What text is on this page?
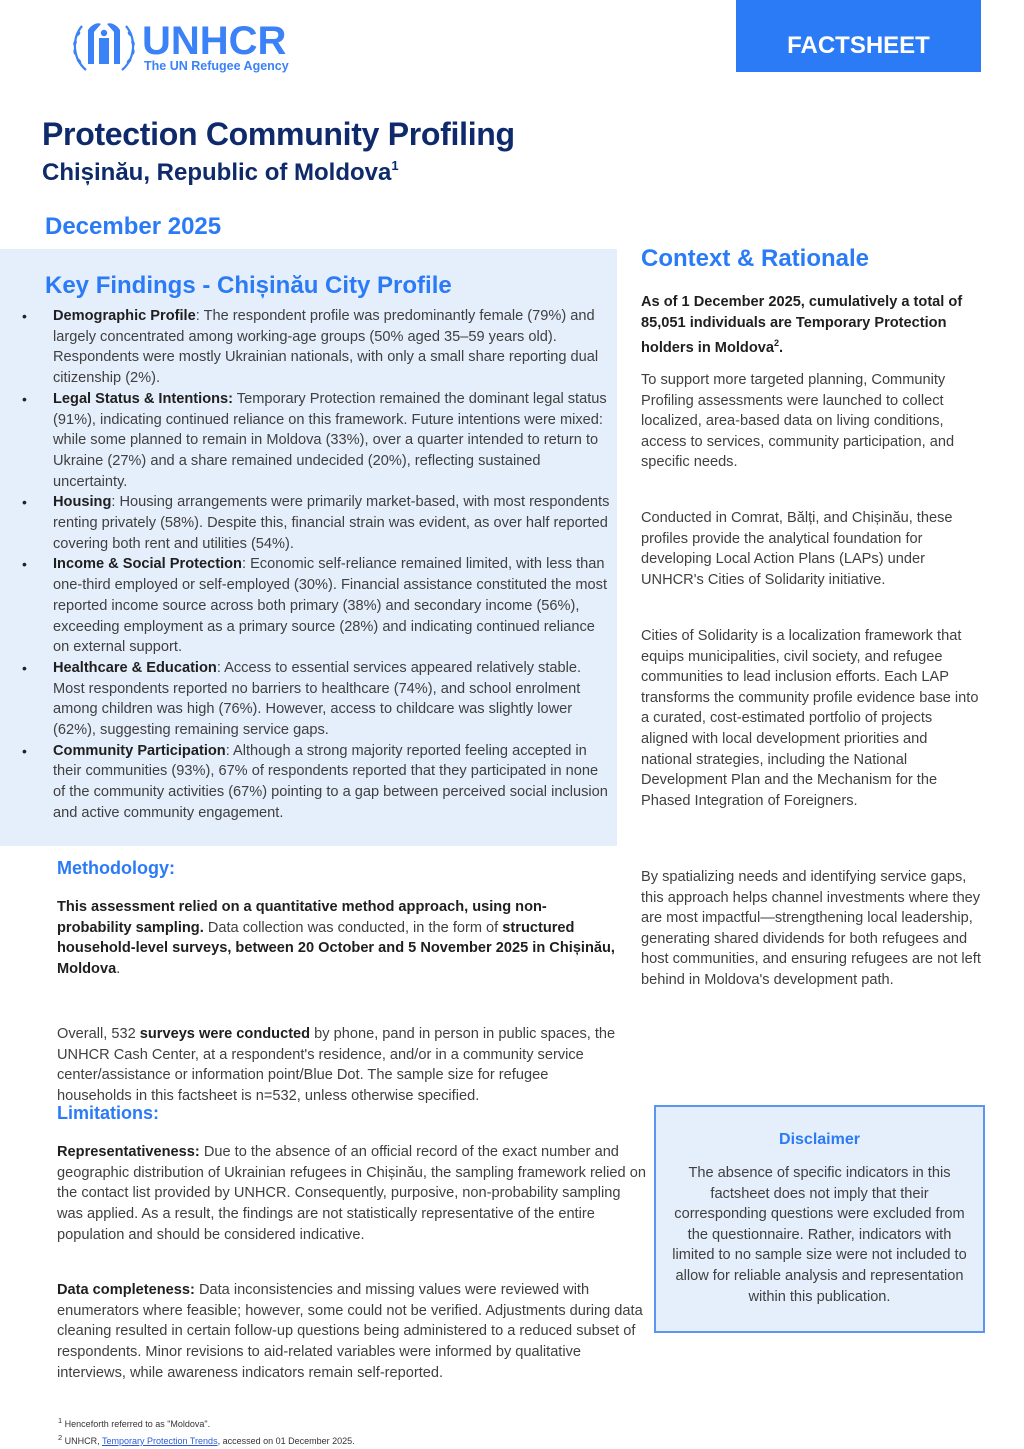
UNHCR
The UN Refugee Agency
FACTSHEET
Protection Community Profiling
Chișinău, Republic of Moldova$^1$
December 2025
Key Findings - Chișinău City Profile
• Demographic Profile: The respondent profile was predominantly female (79%) and largely concentrated among working-age groups (50% aged 35–59 years old). Respondents were mostly Ukrainian nationals, with only a small share reporting dual citizenship (2%).
• Legal Status & Intentions: Temporary Protection remained the dominant legal status (91%), indicating continued reliance on this framework. Future intentions were mixed: while some planned to remain in Moldova (33%), over a quarter intended to return to Ukraine (27%) and a share remained undecided (20%), reflecting sustained uncertainty.
• Housing: Housing arrangements were primarily market-based, with most respondents renting privately (58%). Despite this, financial strain was evident, as over half reported covering both rent and utilities (54%).
• Income & Social Protection: Economic self-reliance remained limited, with less than one-third employed or self-employed (30%). Financial assistance constituted the most reported income source across both primary (38%) and secondary income (56%), exceeding employment as a primary source (28%) and indicating continued reliance on external support.
• Healthcare & Education: Access to essential services appeared relatively stable. Most respondents reported no barriers to healthcare (74%), and school enrolment among children was high (76%). However, access to childcare was slightly lower (62%), suggesting remaining service gaps.
• Community Participation: Although a strong majority reported feeling accepted in their communities (93%), 67% of respondents reported that they participated in none of the community activities (67%) pointing to a gap between perceived social inclusion and active community engagement.
Methodology:

This assessment relied on a quantitative method approach, using non-probability sampling. Data collection was conducted, in the form of structured household-level surveys, between 20 October and 5 November 2025 in Chișinău, Moldova.

Overall, 532 surveys were conducted by phone, pand in person in public spaces, the UNHCR Cash Center, at a respondent's residence, and/or in a community service center/assistance or information point/Blue Dot. The sample size for refugee households in this factsheet is n=532, unless otherwise specified.

Limitations:

Representativeness: Due to the absence of an official record of the exact number and geographic distribution of Ukrainian refugees in Chișinău, the sampling framework relied on the contact list provided by UNHCR. Consequently, purposive, non-probability sampling was applied. As a result, the findings are not statistically representative of the entire population and should be considered indicative.

Data completeness: Data inconsistencies and missing values were reviewed with enumerators where feasible; however, some could not be verified. Adjustments during data cleaning resulted in certain follow-up questions being administered to a reduced subset of respondents. Minor revisions to aid-related variables were informed by qualitative interviews, while awareness indicators remain self-reported.

$^1$ Henceforth referred to as "Moldova".
$^2$ UNHCR, Temporary Protection Trends, accessed on 01 December 2025.
Context & Rationale

As of 1 December 2025, cumulatively a total of 85,051 individuals are Temporary Protection holders in Moldova$^2$.

To support more targeted planning, Community Profiling assessments were launched to collect localized, area-based data on living conditions, access to services, community participation, and specific needs.

Conducted in Comrat, Bălți, and Chișinău, these profiles provide the analytical foundation for developing Local Action Plans (LAPs) under UNHCR's Cities of Solidarity initiative.

Cities of Solidarity is a localization framework that equips municipalities, civil society, and refugee communities to lead inclusion efforts. Each LAP transforms the community profile evidence base into a curated, cost-estimated portfolio of projects aligned with local development priorities and national strategies, including the National Development Plan and the Mechanism for the Phased Integration of Foreigners.

By spatializing needs and identifying service gaps, this approach helps channel investments where they are most impactful—strengthening local leadership, generating shared dividends for both refugees and host communities, and ensuring refugees are not left behind in Moldova's development path.

Disclaimer
The absence of specific indicators in this factsheet does not imply that their corresponding questions were excluded from the questionnaire. Rather, indicators with limited to no sample size were not included to allow for reliable analysis and representation within this publication.
